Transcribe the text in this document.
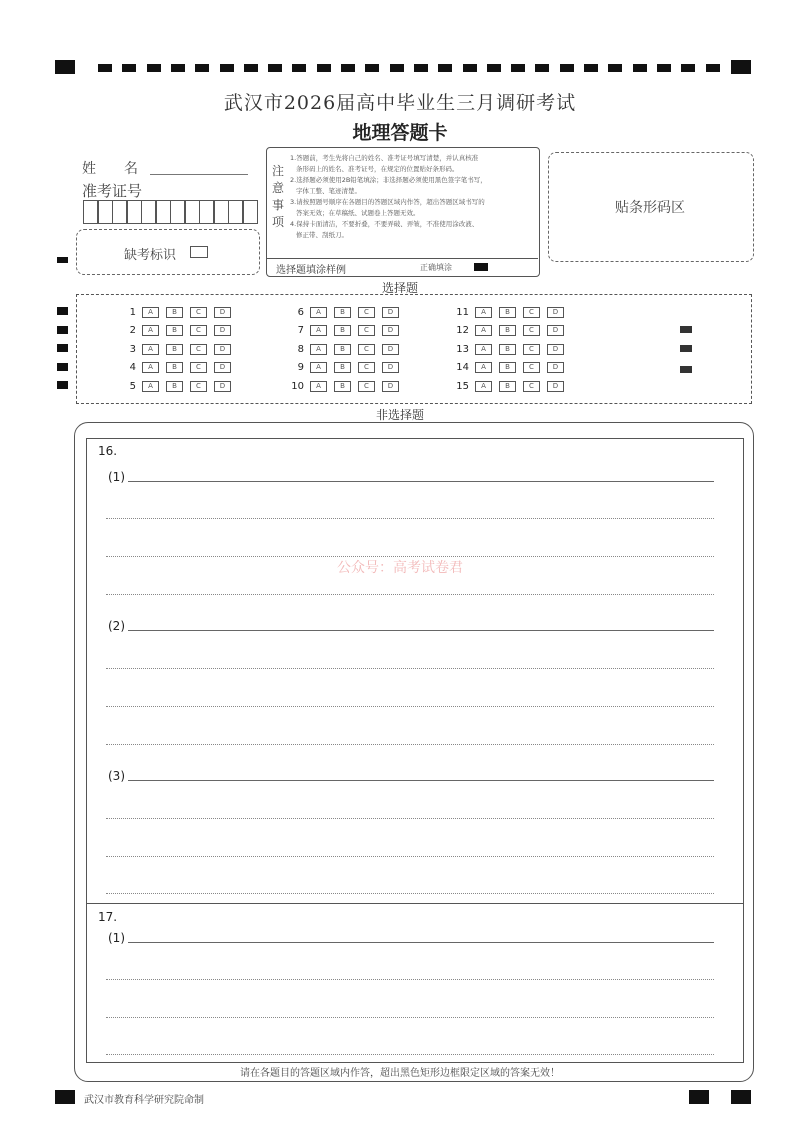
武汉市2026届高中毕业生三月调研考试
地理答题卡
姓　　名
准考证号
缺考标识
注
意
事
项
1.答题前，考生先将自己的姓名、准考证号填写清楚，并认真核准
条形码上的姓名、准考证号，在规定的位置贴好条形码。
2.选择题必须使用2B铅笔填涂；非选择题必须使用黑色签字笔书写，
字体工整、笔迹清楚。
3.请按照题号顺序在各题目的答题区域内作答，超出答题区域书写的
答案无效；在草稿纸、试题卷上答题无效。
4.保持卡面清洁，不要折叠，不要弄破、弄皱，不准使用涂改液、
修正带、刮纸刀。
选择题填涂样例	正确填涂
贴条形码区
选择题
1	A	B	C	D
2	A	B	C	D
3	A	B	C	D
4	A	B	C	D
5	A	B	C	D
6	A	B	C	D
7	A	B	C	D
8	A	B	C	D
9	A	B	C	D
10	A	B	C	D
11	A	B	C	D
12	A	B	C	D
13	A	B	C	D
14	A	B	C	D
15	A	B	C	D
非选择题
16.
(1)
(2)
(3)
17.
(1)
公众号：高考试卷君
请在各题目的答题区域内作答，超出黑色矩形边框限定区域的答案无效！
武汉市教育科学研究院命制
